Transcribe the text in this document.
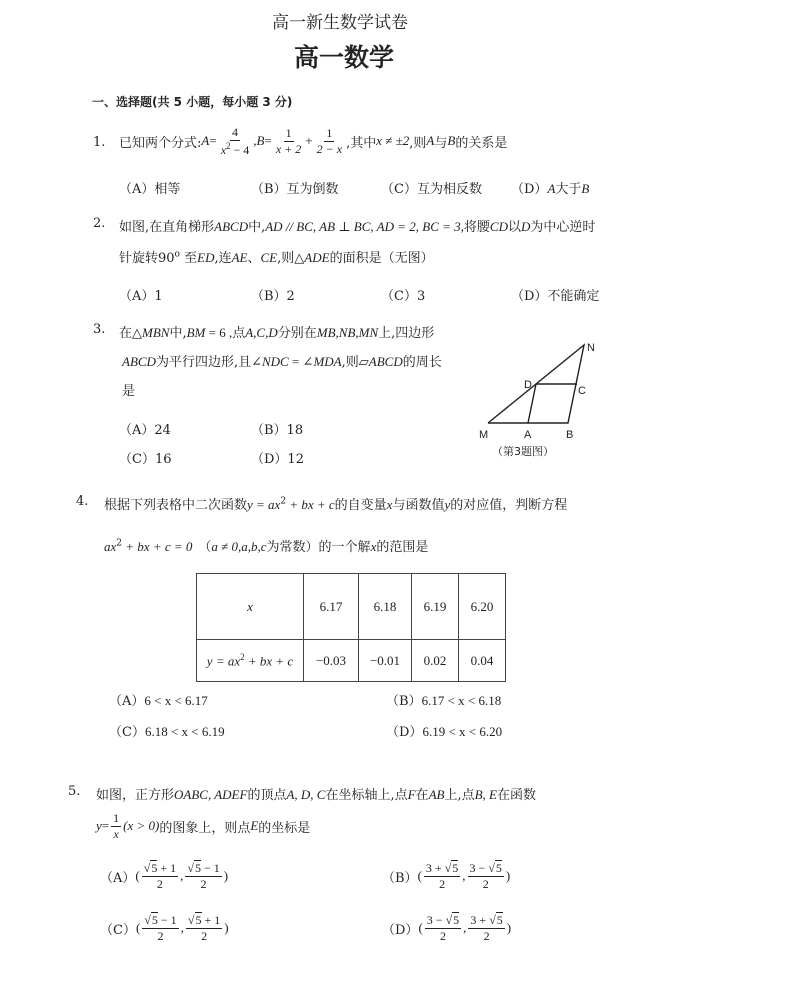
高一新生数学试卷
高一数学
一、选择题(共 5 小题，每小题 3 分)
1. 已知两个分式: $A = \frac{4}{x^2 - 4}$ , $B = \frac{1}{x + 2} + \frac{1}{2 - x}$ ,其中 x ≠ ±2 ,则 A 与 B 的关系是
（A）相等	（B）互为倒数	（C）互为相反数 （D）A大于B
2. 如图,在直角梯形ABCD中,AD // BC, AB ⊥ BC, AD = 2, BC = 3,将腰CD以D为中心逆时
针旋转90$^o$ 至ED,连AE、CE,则△ADE的面积是（无图）
（A）1	（B）2	（C）3	（D）不能确定
3. 在△MBN中,BM = 6 ,点A,C,D分别在MB,NB,MN上,四边形
ABCD为平行四边形,且∠NDC = ∠MDA,则▱ABCD的周长
是
（A）24	（B）18
（C）16	（D）12
N
D	C
M	A	B
（第3题图）
4. 根据下列表格中二次函数$y = ax^2$ + bx + c的自变量x与函数值y的对应值，判断方程
$ax^2$ + bx + c = 0 （a ≠ 0,a,b,c为常数）的一个解x的范围是
x	6.17	6.18	6.19	6.20
$y = ax^2$ + bx + c	−0.03	−0.01	0.02	0.04
（A）6 < x < 6.17	（B）6.17 < x < 6.18
（C）6.18 < x < 6.19	（D）6.19 < x < 6.20
5. 如图，正方形OABC, ADEF的顶点A, D, C在坐标轴上,点F在AB上,点B, E在函数
$y = \frac{1}{x} (x > 0)$ 的图象上，则点 E 的坐标是
（A） ( $\frac{√5 + 1}{2}$ , $\frac{√5 - 1}{2}$ )	（B） ( $\frac{3 + √5}{2}$ , $\frac{3 - √5}{2}$ )
（C） ( $\frac{√5 - 1}{2}$ , $\frac{√5 + 1}{2}$ )	（D） ( $\frac{3 - √5}{2}$ , $\frac{3 + √5}{2}$ )
